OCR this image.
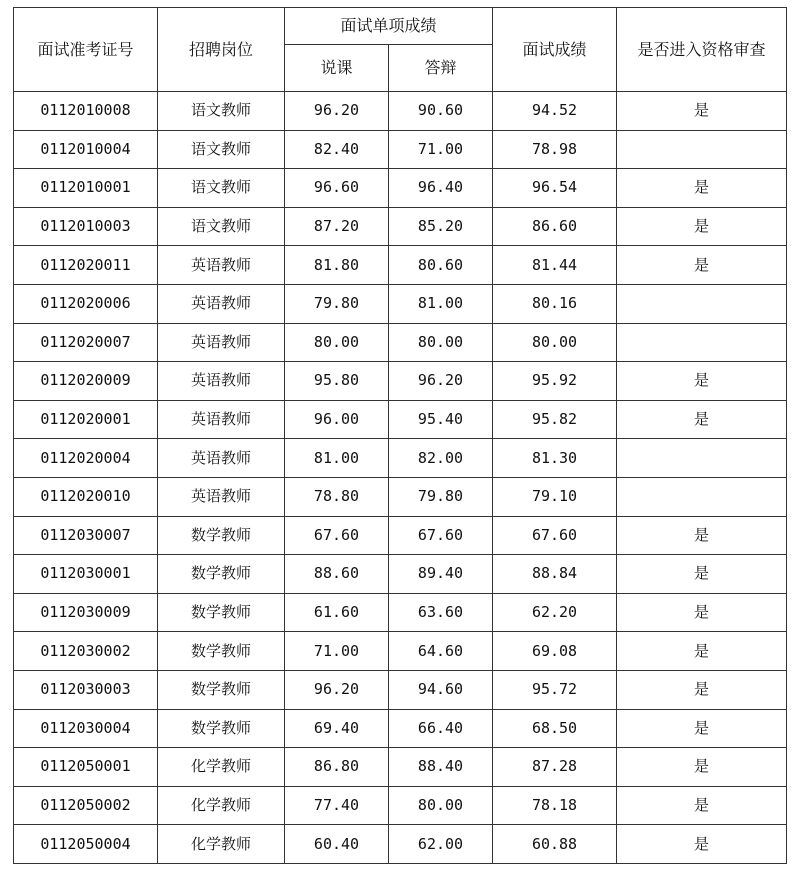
面试准考证号	招聘岗位	面试单项成绩		面试成绩	是否进入资格审查
		说课	答辩		
0112010008	语文教师	96.20	90.60	94.52	是
0112010004	语文教师	82.40	71.00	78.98	
0112010001	语文教师	96.60	96.40	96.54	是
0112010003	语文教师	87.20	85.20	86.60	是
0112020011	英语教师	81.80	80.60	81.44	是
0112020006	英语教师	79.80	81.00	80.16	
0112020007	英语教师	80.00	80.00	80.00	
0112020009	英语教师	95.80	96.20	95.92	是
0112020001	英语教师	96.00	95.40	95.82	是
0112020004	英语教师	81.00	82.00	81.30	
0112020010	英语教师	78.80	79.80	79.10	
0112030007	数学教师	67.60	67.60	67.60	是
0112030001	数学教师	88.60	89.40	88.84	是
0112030009	数学教师	61.60	63.60	62.20	是
0112030002	数学教师	71.00	64.60	69.08	是
0112030003	数学教师	96.20	94.60	95.72	是
0112030004	数学教师	69.40	66.40	68.50	是
0112050001	化学教师	86.80	88.40	87.28	是
0112050002	化学教师	77.40	80.00	78.18	是
0112050004	化学教师	60.40	62.00	60.88	是
